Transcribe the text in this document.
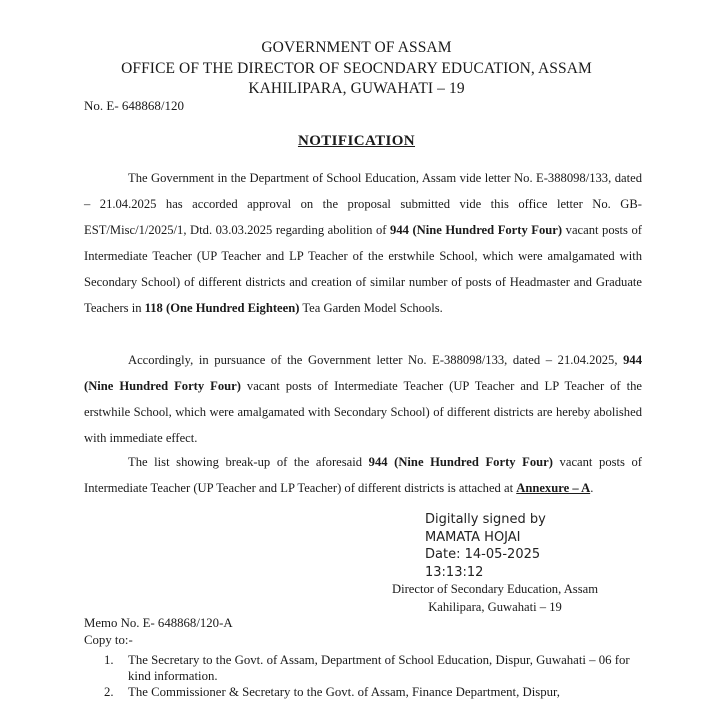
GOVERNMENT OF ASSAM
OFFICE OF THE DIRECTOR OF SEOCNDARY EDUCATION, ASSAM
KAHILIPARA, GUWAHATI – 19
No. E- 648868/120
NOTIFICATION
The Government in the Department of School Education, Assam vide letter No. E-388098/133, dated – 21.04.2025 has accorded approval on the proposal submitted vide this office letter No. GB-EST/Misc/1/2025/1, Dtd. 03.03.2025 regarding abolition of 944 (Nine Hundred Forty Four) vacant posts of Intermediate Teacher (UP Teacher and LP Teacher of the erstwhile School, which were amalgamated with Secondary School) of different districts and creation of similar number of posts of Headmaster and Graduate Teachers in 118 (One Hundred Eighteen) Tea Garden Model Schools.
Accordingly, in pursuance of the Government letter No. E-388098/133, dated – 21.04.2025, 944 (Nine Hundred Forty Four) vacant posts of Intermediate Teacher (UP Teacher and LP Teacher of the erstwhile School, which were amalgamated with Secondary School) of different districts are hereby abolished with immediate effect.
The list showing break-up of the aforesaid 944 (Nine Hundred Forty Four) vacant posts of Intermediate Teacher (UP Teacher and LP Teacher) of different districts is attached at Annexure – A.
Digitally signed by
MAMATA HOJAI
Date: 14-05-2025
13:13:12
Director of Secondary Education, Assam
Kahilipara, Guwahati – 19
Memo No. E- 648868/120-A
Copy to:-
1. The Secretary to the Govt. of Assam, Department of School Education, Dispur, Guwahati – 06 for kind information.
2. The Commissioner & Secretary to the Govt. of Assam, Finance Department, Dispur,
